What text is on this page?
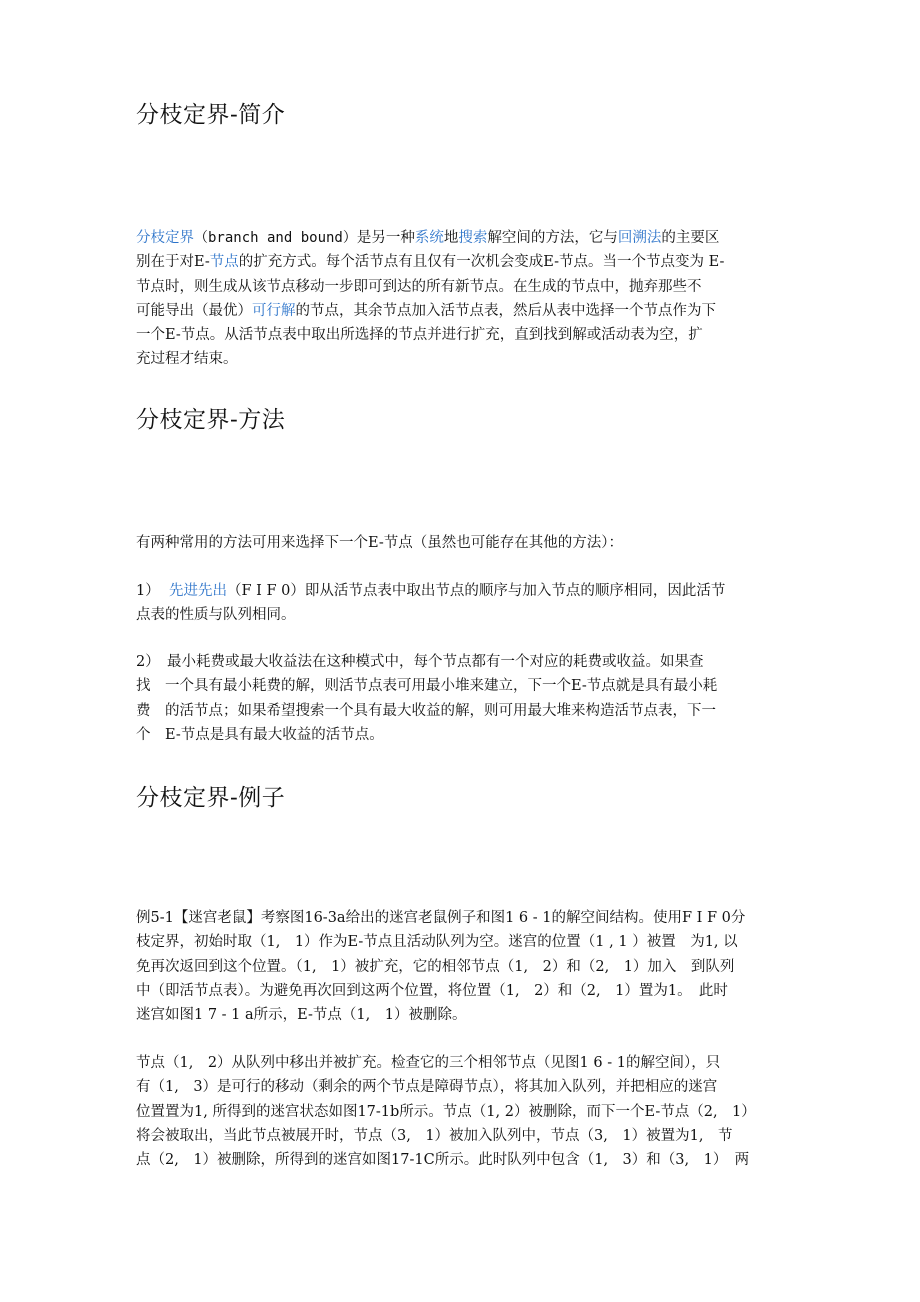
分枝定界-简介
分枝定界（branch and bound）是另一种系统地搜索解空间的方法，它与回溯法的主要区
别在于对E-节点的扩充方式。每个活节点有且仅有一次机会变成E-节点。当一个节点变为 E-
节点时，则生成从该节点移动一步即可到达的所有新节点。在生成的节点中，抛弃那些不
可能导出（最优）可行解的节点，其余节点加入活节点表，然后从表中选择一个节点作为下
一个E-节点。从活节点表中取出所选择的节点并进行扩充，直到找到解或活动表为空，扩
充过程才结束。
分枝定界-方法
有两种常用的方法可用来选择下一个E-节点（虽然也可能存在其他的方法）：
1） 先进先出（F I F 0）即从活节点表中取出节点的顺序与加入节点的顺序相同，因此活节
点表的性质与队列相同。
2）　最小耗费或最大收益法在这种模式中，每个节点都有一个对应的耗费或收益。如果查
找　一个具有最小耗费的解，则活节点表可用最小堆来建立，下一个E-节点就是具有最小耗
费　的活节点；如果希望搜索一个具有最大收益的解，则可用最大堆来构造活节点表，下一
个　E-节点是具有最大收益的活节点。
分枝定界-例子
例5-1【迷宫老鼠】考察图16-3a给出的迷宫老鼠例子和图1 6 - 1的解空间结构。使用F I F 0分
枝定界，初始时取（1,　1）作为E-节点且活动队列为空。迷宫的位置（1 , 1 ）被置　为1, 以
免再次返回到这个位置。（1,　1）被扩充，它的相邻节点（1,　2）和（2,　1）加入　到队列
中（即活节点表）。为避免再次回到这两个位置，将位置（1,　2）和（2,　1）置为1。　此时
迷宫如图1 7 - 1 a所示，E-节点（1,　1）被删除。
节点（1,　2）从队列中移出并被扩充。检查它的三个相邻节点（见图1 6 - 1的解空间），只
有（1,　3）是可行的移动（剩余的两个节点是障碍节点），将其加入队列，并把相应的迷宫
位置置为1, 所得到的迷宫状态如图17-1b所示。节点（1, 2）被删除，而下一个E-节点（2,　1）
将会被取出，当此节点被展开时，节点（3,　1）被加入队列中，节点（3,　1）被置为1,　节
点（2,　1）被删除，所得到的迷宫如图17-1C所示。此时队列中包含（1,　3）和（3,　1）　两
